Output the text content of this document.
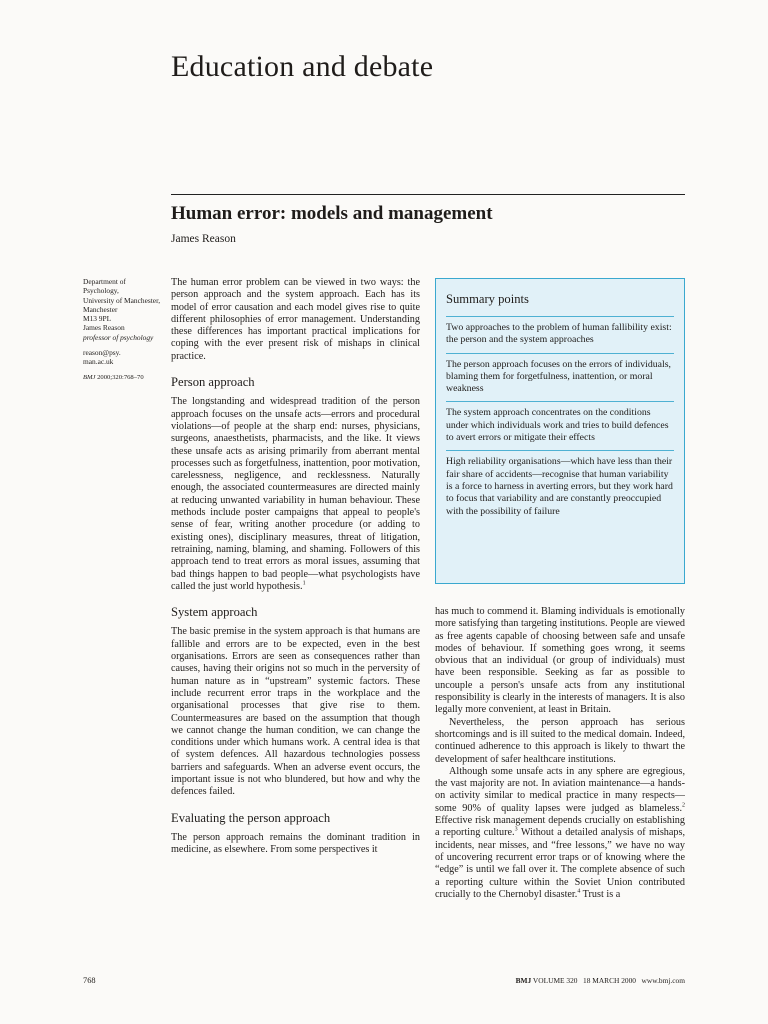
Education and debate
Human error: models and management
James Reason

Department of Psychology,
University of Manchester,
Manchester
M13 9PL
James Reason
professor of psychology

reason@psy.
man.ac.uk

BMJ 2000;320:768–70

The human error problem can be viewed in two ways: the person approach and the system approach. Each has its model of error causation and each model gives rise to quite different philosophies of error management. Understanding these differences has important practical implications for coping with the ever present risk of mishaps in clinical practice.

Person approach

The longstanding and widespread tradition of the person approach focuses on the unsafe acts—errors and procedural violations—of people at the sharp end: nurses, physicians, surgeons, anaesthetists, pharmacists, and the like. It views these unsafe acts as arising primarily from aberrant mental processes such as forgetfulness, inattention, poor motivation, carelessness, negligence, and recklessness. Naturally enough, the associated countermeasures are directed mainly at reducing unwanted variability in human behaviour. These methods include poster campaigns that appeal to people's sense of fear, writing another procedure (or adding to existing ones), disciplinary measures, threat of litigation, retraining, naming, blaming, and shaming. Followers of this approach tend to treat errors as moral issues, assuming that bad things happen to bad people—what psychologists have called the just world hypothesis.$^1$

System approach

The basic premise in the system approach is that humans are fallible and errors are to be expected, even in the best organisations. Errors are seen as consequences rather than causes, having their origins not so much in the perversity of human nature as in “upstream” systemic factors. These include recurrent error traps in the workplace and the organisational processes that give rise to them. Countermeasures are based on the assumption that though we cannot change the human condition, we can change the conditions under which humans work. A central idea is that of system defences. All hazardous technologies possess barriers and safeguards. When an adverse event occurs, the important issue is not who blundered, but how and why the defences failed.

Evaluating the person approach

The person approach remains the dominant tradition in medicine, as elsewhere. From some perspectives it

Summary points
Two approaches to the problem of human fallibility exist: the person and the system approaches
The person approach focuses on the errors of individuals, blaming them for forgetfulness, inattention, or moral weakness
The system approach concentrates on the conditions under which individuals work and tries to build defences to avert errors or mitigate their effects
High reliability organisations—which have less than their fair share of accidents—recognise that human variability is a force to harness in averting errors, but they work hard to focus that variability and are constantly preoccupied with the possibility of failure

has much to commend it. Blaming individuals is emotionally more satisfying than targeting institutions. People are viewed as free agents capable of choosing between safe and unsafe modes of behaviour. If something goes wrong, it seems obvious that an individual (or group of individuals) must have been responsible. Seeking as far as possible to uncouple a person's unsafe acts from any institutional responsibility is clearly in the interests of managers. It is also legally more convenient, at least in Britain.

Nevertheless, the person approach has serious shortcomings and is ill suited to the medical domain. Indeed, continued adherence to this approach is likely to thwart the development of safer healthcare institutions.

Although some unsafe acts in any sphere are egregious, the vast majority are not. In aviation maintenance—a hands-on activity similar to medical practice in many respects—some 90% of quality lapses were judged as blameless.$^2$ Effective risk management depends crucially on establishing a reporting culture.$^3$ Without a detailed analysis of mishaps, incidents, near misses, and “free lessons,” we have no way of uncovering recurrent error traps or of knowing where the “edge” is until we fall over it. The complete absence of such a reporting culture within the Soviet Union contributed crucially to the Chernobyl disaster.$^4$ Trust is a

768	BMJ VOLUME 320 18 MARCH 2000 www.bmj.com
